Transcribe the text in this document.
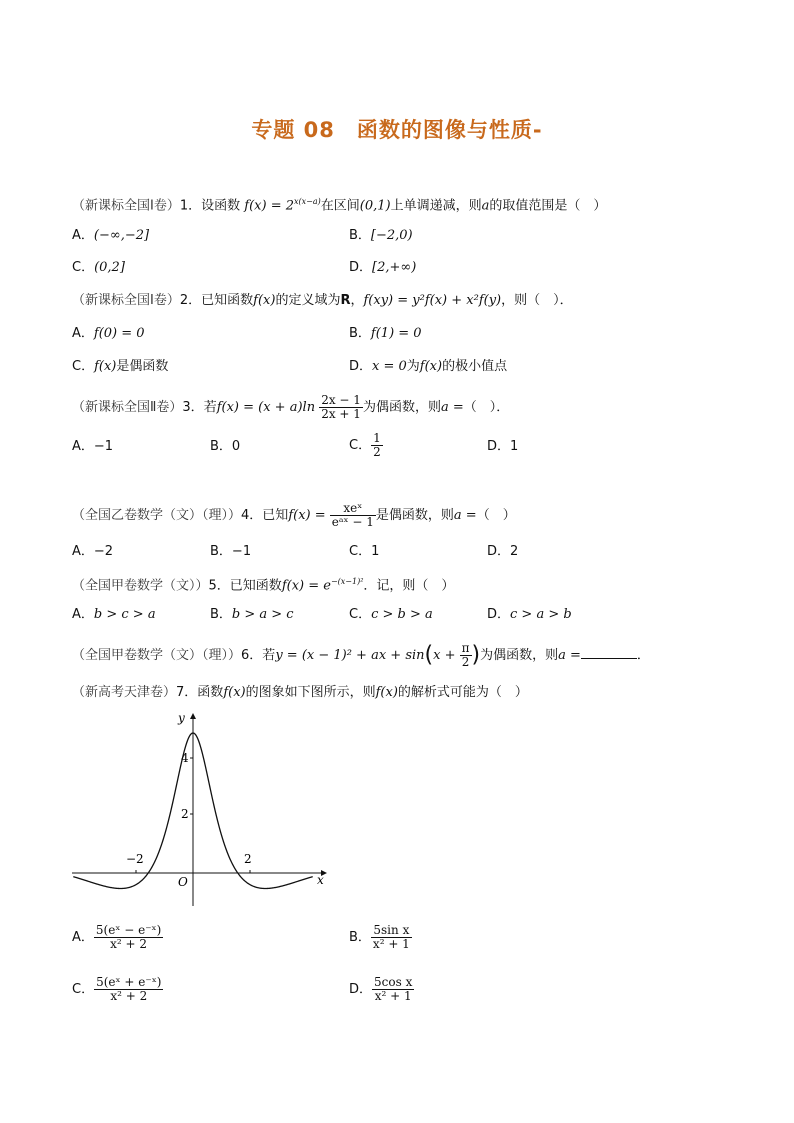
专题 08　函数的图像与性质-
（新课标全国Ⅰ卷）1．设函数 $f(x) = 2^{x(x-a)}$在区间(0,1)上单调递减，则a的取值范围是（　）
A．(−∞,−2]	B．[−2,0)
C．(0,2]	D．[2,+∞)
（新课标全国Ⅰ卷）2．已知函数f(x)的定义域为R，f(xy) = y²f(x) + x²f(y)，则（　）．
A．f(0) = 0	B．f(1) = 0
C．f(x)是偶函数	D．x = 0为f(x)的极小值点
（新课标全国Ⅱ卷）3．若$f(x) = (x + a)\ln \frac{2x - 1}{2x + 1}$ 为偶函数，则a =（　）．
A．−1	B．0	C． $\frac{1}{2}$	D．1
（全国乙卷数学（文）（理））4．已知$f(x) = \frac{\text{xeˣ}}{\text{eᵃˣ − 1}}$ 是偶函数，则a =（　）
A．−2	B．−1	C．1	D．2
（全国甲卷数学（文））5．已知函数$f(x) = e^{-(x-1)^2}$．记，则（　）
A．b > c > a	B．b > a > c	C．c > b > a	D．c > a > b
（全国甲卷数学（文）（理））6．若y = (x − 1)² + ax + $\sin(x + \frac{\pi}{2}$ )为偶函数，则a =	．
（新高考天津卷）7．函数f(x)的图象如下图所示，则f(x)的解析式可能为（　）
y
x
O
4
2
−2	2
A． $\frac{\text{5(eˣ − e⁻ˣ)}}{\text{x² + 2}}$	B． $\frac{\text{5sin x}}{\text{x² + 1}}$
C． $\frac{\text{5(eˣ + e⁻ˣ)}}{\text{x² + 2}}$	D． $\frac{\text{5cos x}}{\text{x² + 1}}$
